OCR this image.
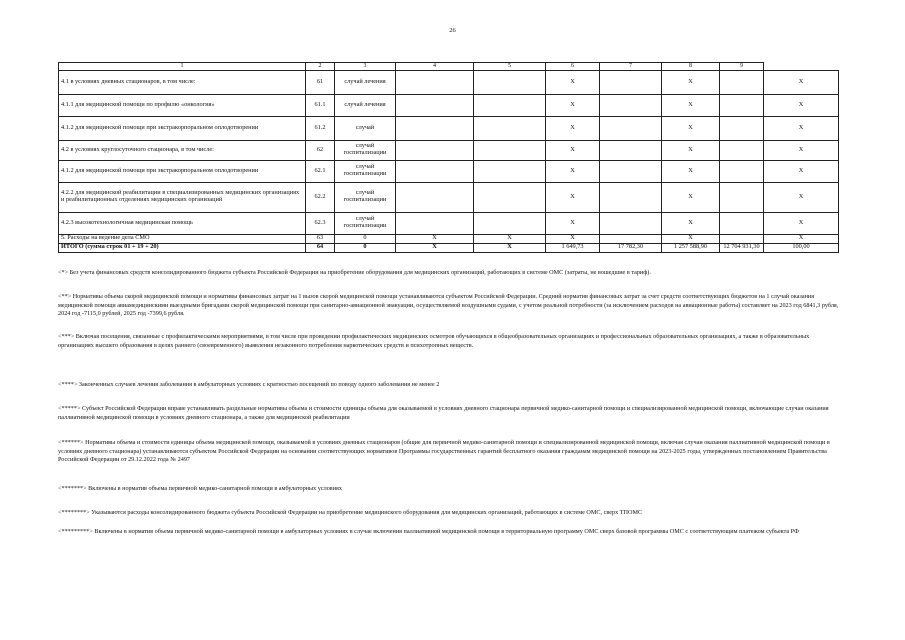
26
1	2	3	4	5	6	7	8	9	
4.1 в условиях дневных стационаров, в том числе:	61	случай лечения			X		X		X
4.1.1 для медицинской помощи по профилю «онкология»	61.1	случай лечения			X		X		X
4.1.2 для медицинской помощи при экстракорпоральном оплодотворении	61.2	случай			X		X		X
4.2 в условиях круглосуточного стационара, в том числе:	62	случай госпитализации			X		X		X
4.1.2 для медицинской помощи при экстракорпоральном оплодотворении	62.1	случай госпитализации			X		X		X
4.2.2 для медицинской реабилитации в специализированных медицинских организациях и реабилитационных отделениях медицинских организаций	62.2	случай госпитализации			X		X		X
4.2.3 высокотехнологичная медицинская помощь	62.3	случай госпитализации			X		X		X
5. Расходы на ведение дела СМО	63	0	X	X	X		X		X
ИТОГО (сумма строк 01 + 19 + 20)	64	0	X	X	1 649,73	17 782,30	1 257 588,90	12 704 931,30	100,00
<*> Без учета финансовых средств консолидированного бюджета субъекта Российской Федерации на приобретение оборудования для медицинских организаций, работающих в системе ОМС (затраты, не вошедшие в тариф).
<**> Нормативы объема скорой медицинской помощи и нормативы финансовых затрат на 1 вызов скорой медицинской помощи устанавливаются субъектом Российской Федерации. Средний норматив финансовых затрат за счет средств соответствующих бюджетов на 1 случай оказания медицинской помощи авиамедицинскими выездными бригадами скорой медицинской помощи при санитарно-авиационной эвакуации, осуществляемой воздушными судами, с учетом реальной потребности (за исключением расходов на авиационные работы) составляет на 2023 год 6841,3 рубля, 2024 год -7115,0 рублей, 2025 год -7399,6 рубля.
<***> Включая посещения, связанные с профилактическими мероприятиями, в том числе при проведении профилактических медицинских осмотров обучающихся в общеобразовательных организациях и профессиональных образовательных организациях, а также в образовательных организациях высшего образования в целях раннего (своевременного) выявления незаконного потребления наркотических средств и психотропных веществ.
<****> Законченных случаев лечения заболевания в амбулаторных условиях с кратностью посещений по поводу одного заболевания не менее 2
<*****> Субъект Российской Федерации вправе устанавливать раздельные нормативы объема и стоимости единицы объема для оказываемой в условиях дневного стационара первичной медико-санитарной помощи и специализированной медицинской помощи, включающие случаи оказания паллиативной медицинской помощи в условиях дневного стационара, а также для медицинской реабилитации
<******> Нормативы объема и стоимости единицы объема медицинской помощи, оказываемой в условиях дневных стационаров (общие для первичной медико-санитарной помощи и специализированной медицинской помощи, включая случаи оказания паллиативной медицинской помощи в условиях дневного стационара) устанавливаются субъектом Российской Федерации на основании соответствующих нормативов Программы государственных гарантий бесплатного оказания гражданам медицинской помощи на 2023-2025 годы, утвержденных постановлением Правительства Российской Федерации от 29.12.2022 года № 2497
<*******> Включены в норматив объема первичной медико-санитарной помощи в амбулаторных условиях
<********> Указываются расходы консолидированного бюджета субъекта Российской Федерации на приобретение медицинского оборудования для медицинских организаций, работающих в системе ОМС, сверх ТПОМС
<*********> Включены в норматив объема первичной медико-санитарной помощи в амбулаторных условиях в случае включения паллиативной медицинской помощи в территориальную программу ОМС сверх базовой программы ОМС с соответствующим платежом субъекта РФ
